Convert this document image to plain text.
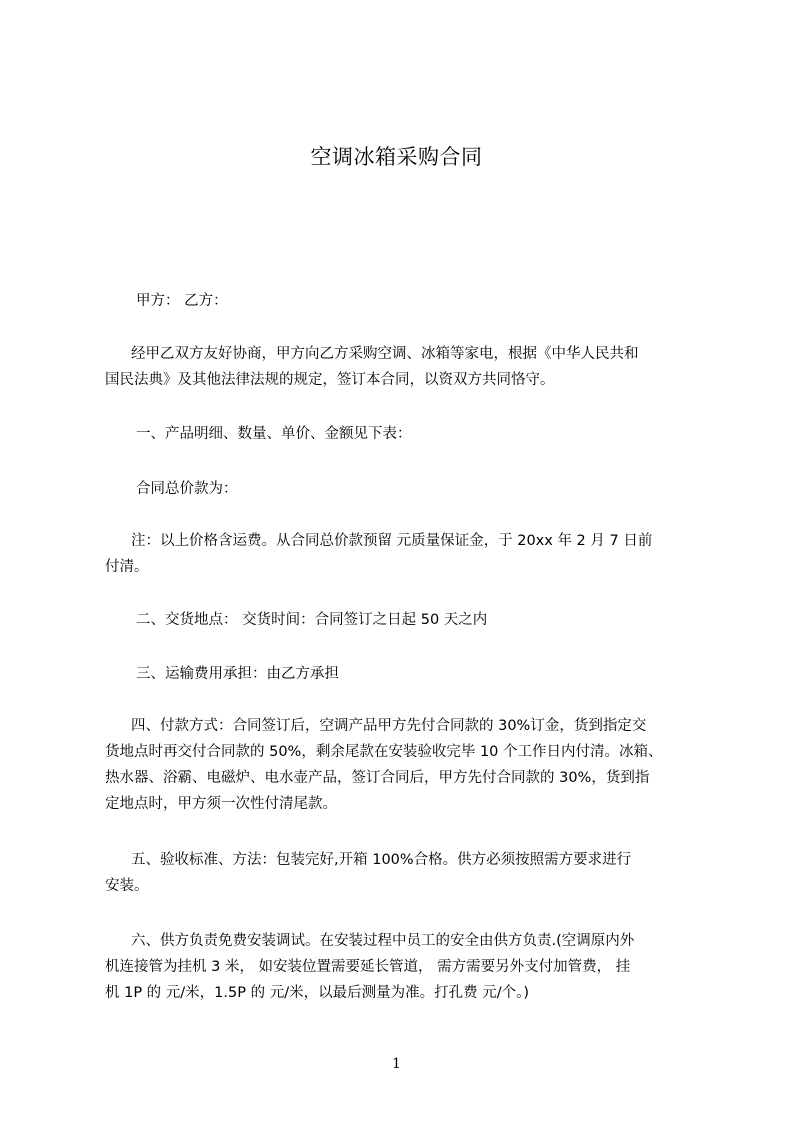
空调冰箱采购合同
甲方： 乙方：
经甲乙双方友好协商，甲方向乙方采购空调、冰箱等家电，根据《中华人民共和
国民法典》及其他法律法规的规定，签订本合同，以资双方共同恪守。
一、产品明细、数量、单价、金额见下表：
合同总价款为：
注：以上价格含运费。从合同总价款预留 元质量保证金，于 20xx 年 2 月 7 日前
付清。
二、交货地点： 交货时间：合同签订之日起 50 天之内
三、运输费用承担：由乙方承担
四、付款方式：合同签订后，空调产品甲方先付合同款的 30%订金，货到指定交
货地点时再交付合同款的 50%，剩余尾款在安装验收完毕 10 个工作日内付清。冰箱、
热水器、浴霸、电磁炉、电水壶产品，签订合同后，甲方先付合同款的 30%，货到指
定地点时，甲方须一次性付清尾款。
五、验收标准、方法：包装完好,开箱 100%合格。供方必须按照需方要求进行
安装。
六、供方负责免费安装调试。在安装过程中员工的安全由供方负责.(空调原内外
机连接管为挂机 3 米， 如安装位置需要延长管道， 需方需要另外支付加管费， 挂
机 1P 的 元/米，1.5P 的 元/米，以最后测量为准。打孔费 元/个。)
1
